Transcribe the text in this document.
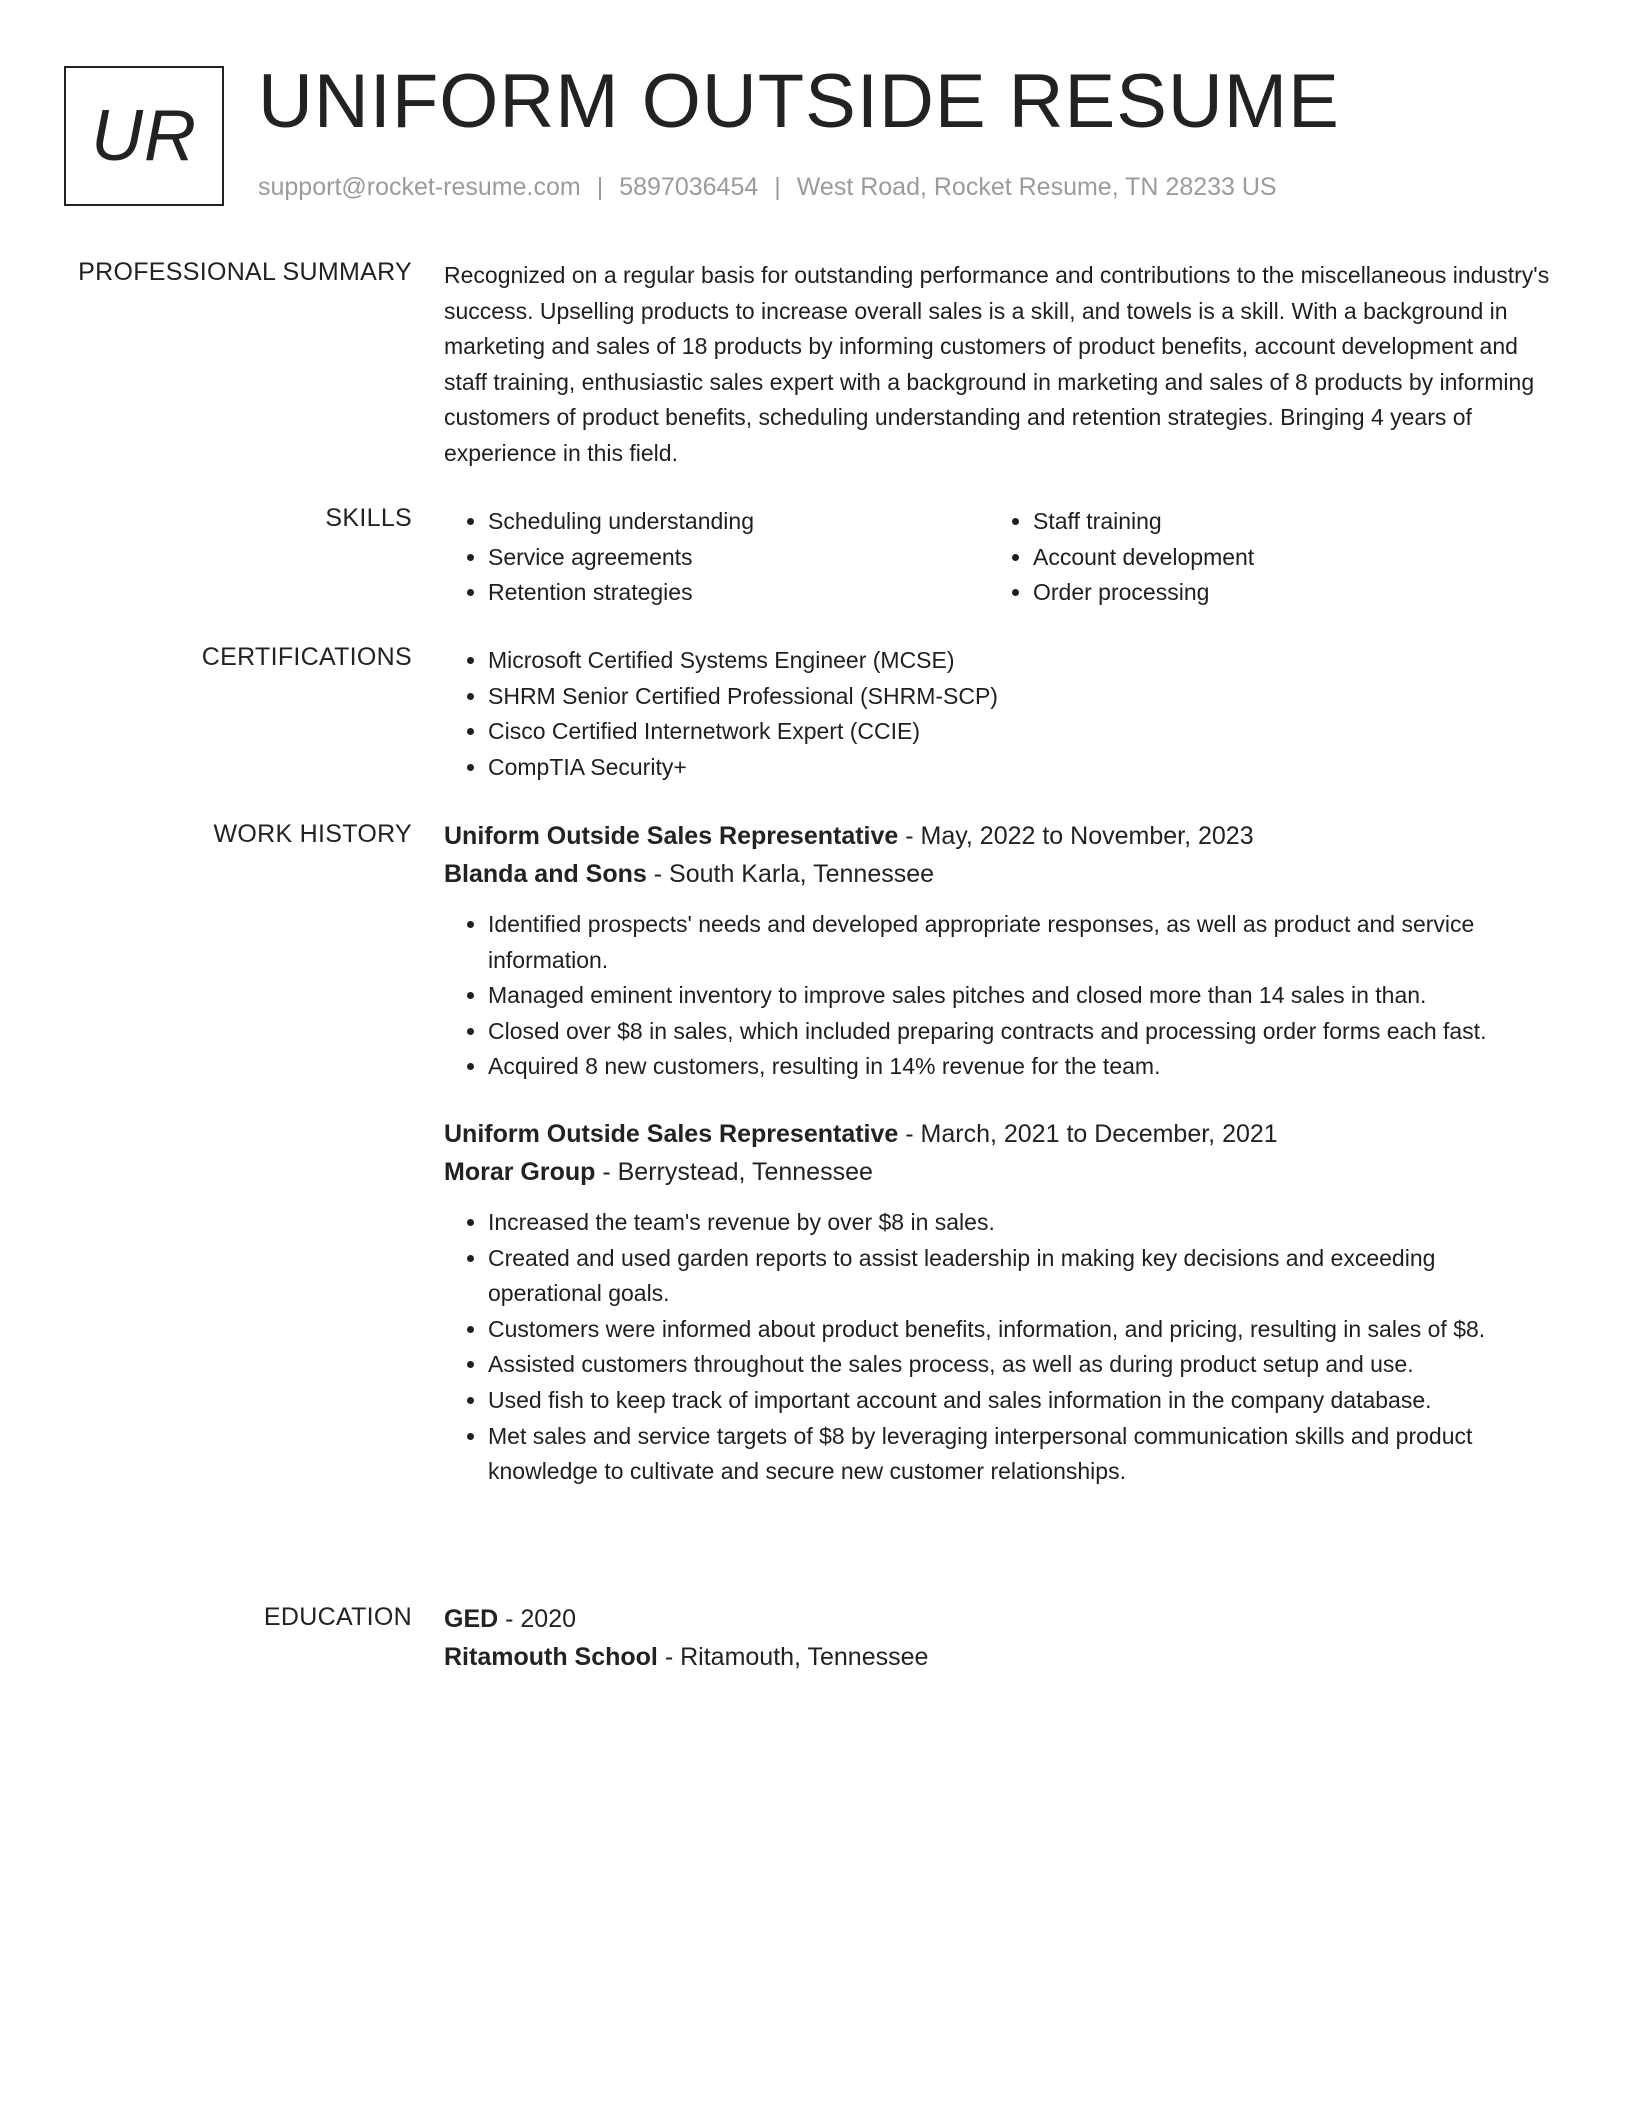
UR UNIFORM OUTSIDE RESUME
support@rocket-resume.com | 5897036454 | West Road, Rocket Resume, TN 28233 US
PROFESSIONAL SUMMARY Recognized on a regular basis for outstanding performance and contributions to the miscellaneous industry's success. Upselling products to increase overall sales is a skill, and towels is a skill. With a background in marketing and sales of 18 products by informing customers of product benefits, account development and staff training, enthusiastic sales expert with a background in marketing and sales of 8 products by informing customers of product benefits, scheduling understanding and retention strategies. Bringing 4 years of experience in this field.

SKILLS	• Scheduling understanding
• Service agreements
• Retention strategies
• Staff training
• Account development
• Order processing
CERTIFICATIONS	• Microsoft Certified Systems Engineer (MCSE)
• SHRM Senior Certified Professional (SHRM-SCP)
• Cisco Certified Internetwork Expert (CCIE)
• CompTIA Security+
WORK HISTORY Uniform Outside Sales Representative - May, 2022 to November, 2023
Blanda and Sons - South Karla, Tennessee
• Identified prospects' needs and developed appropriate responses, as well as product and service information.
• Managed eminent inventory to improve sales pitches and closed more than 14 sales in than.
• Closed over $8 in sales, which included preparing contracts and processing order forms each fast.
• Acquired 8 new customers, resulting in 14% revenue for the team.
Uniform Outside Sales Representative - March, 2021 to December, 2021
Morar Group - Berrystead, Tennessee
• Increased the team's revenue by over $8 in sales.
• Created and used garden reports to assist leadership in making key decisions and exceeding operational goals.
• Customers were informed about product benefits, information, and pricing, resulting in sales of $8.
• Assisted customers throughout the sales process, as well as during product setup and use.
• Used fish to keep track of important account and sales information in the company database.
• Met sales and service targets of $8 by leveraging interpersonal communication skills and product knowledge to cultivate and secure new customer relationships.
EDUCATION GED - 2020
Ritamouth School - Ritamouth, Tennessee
